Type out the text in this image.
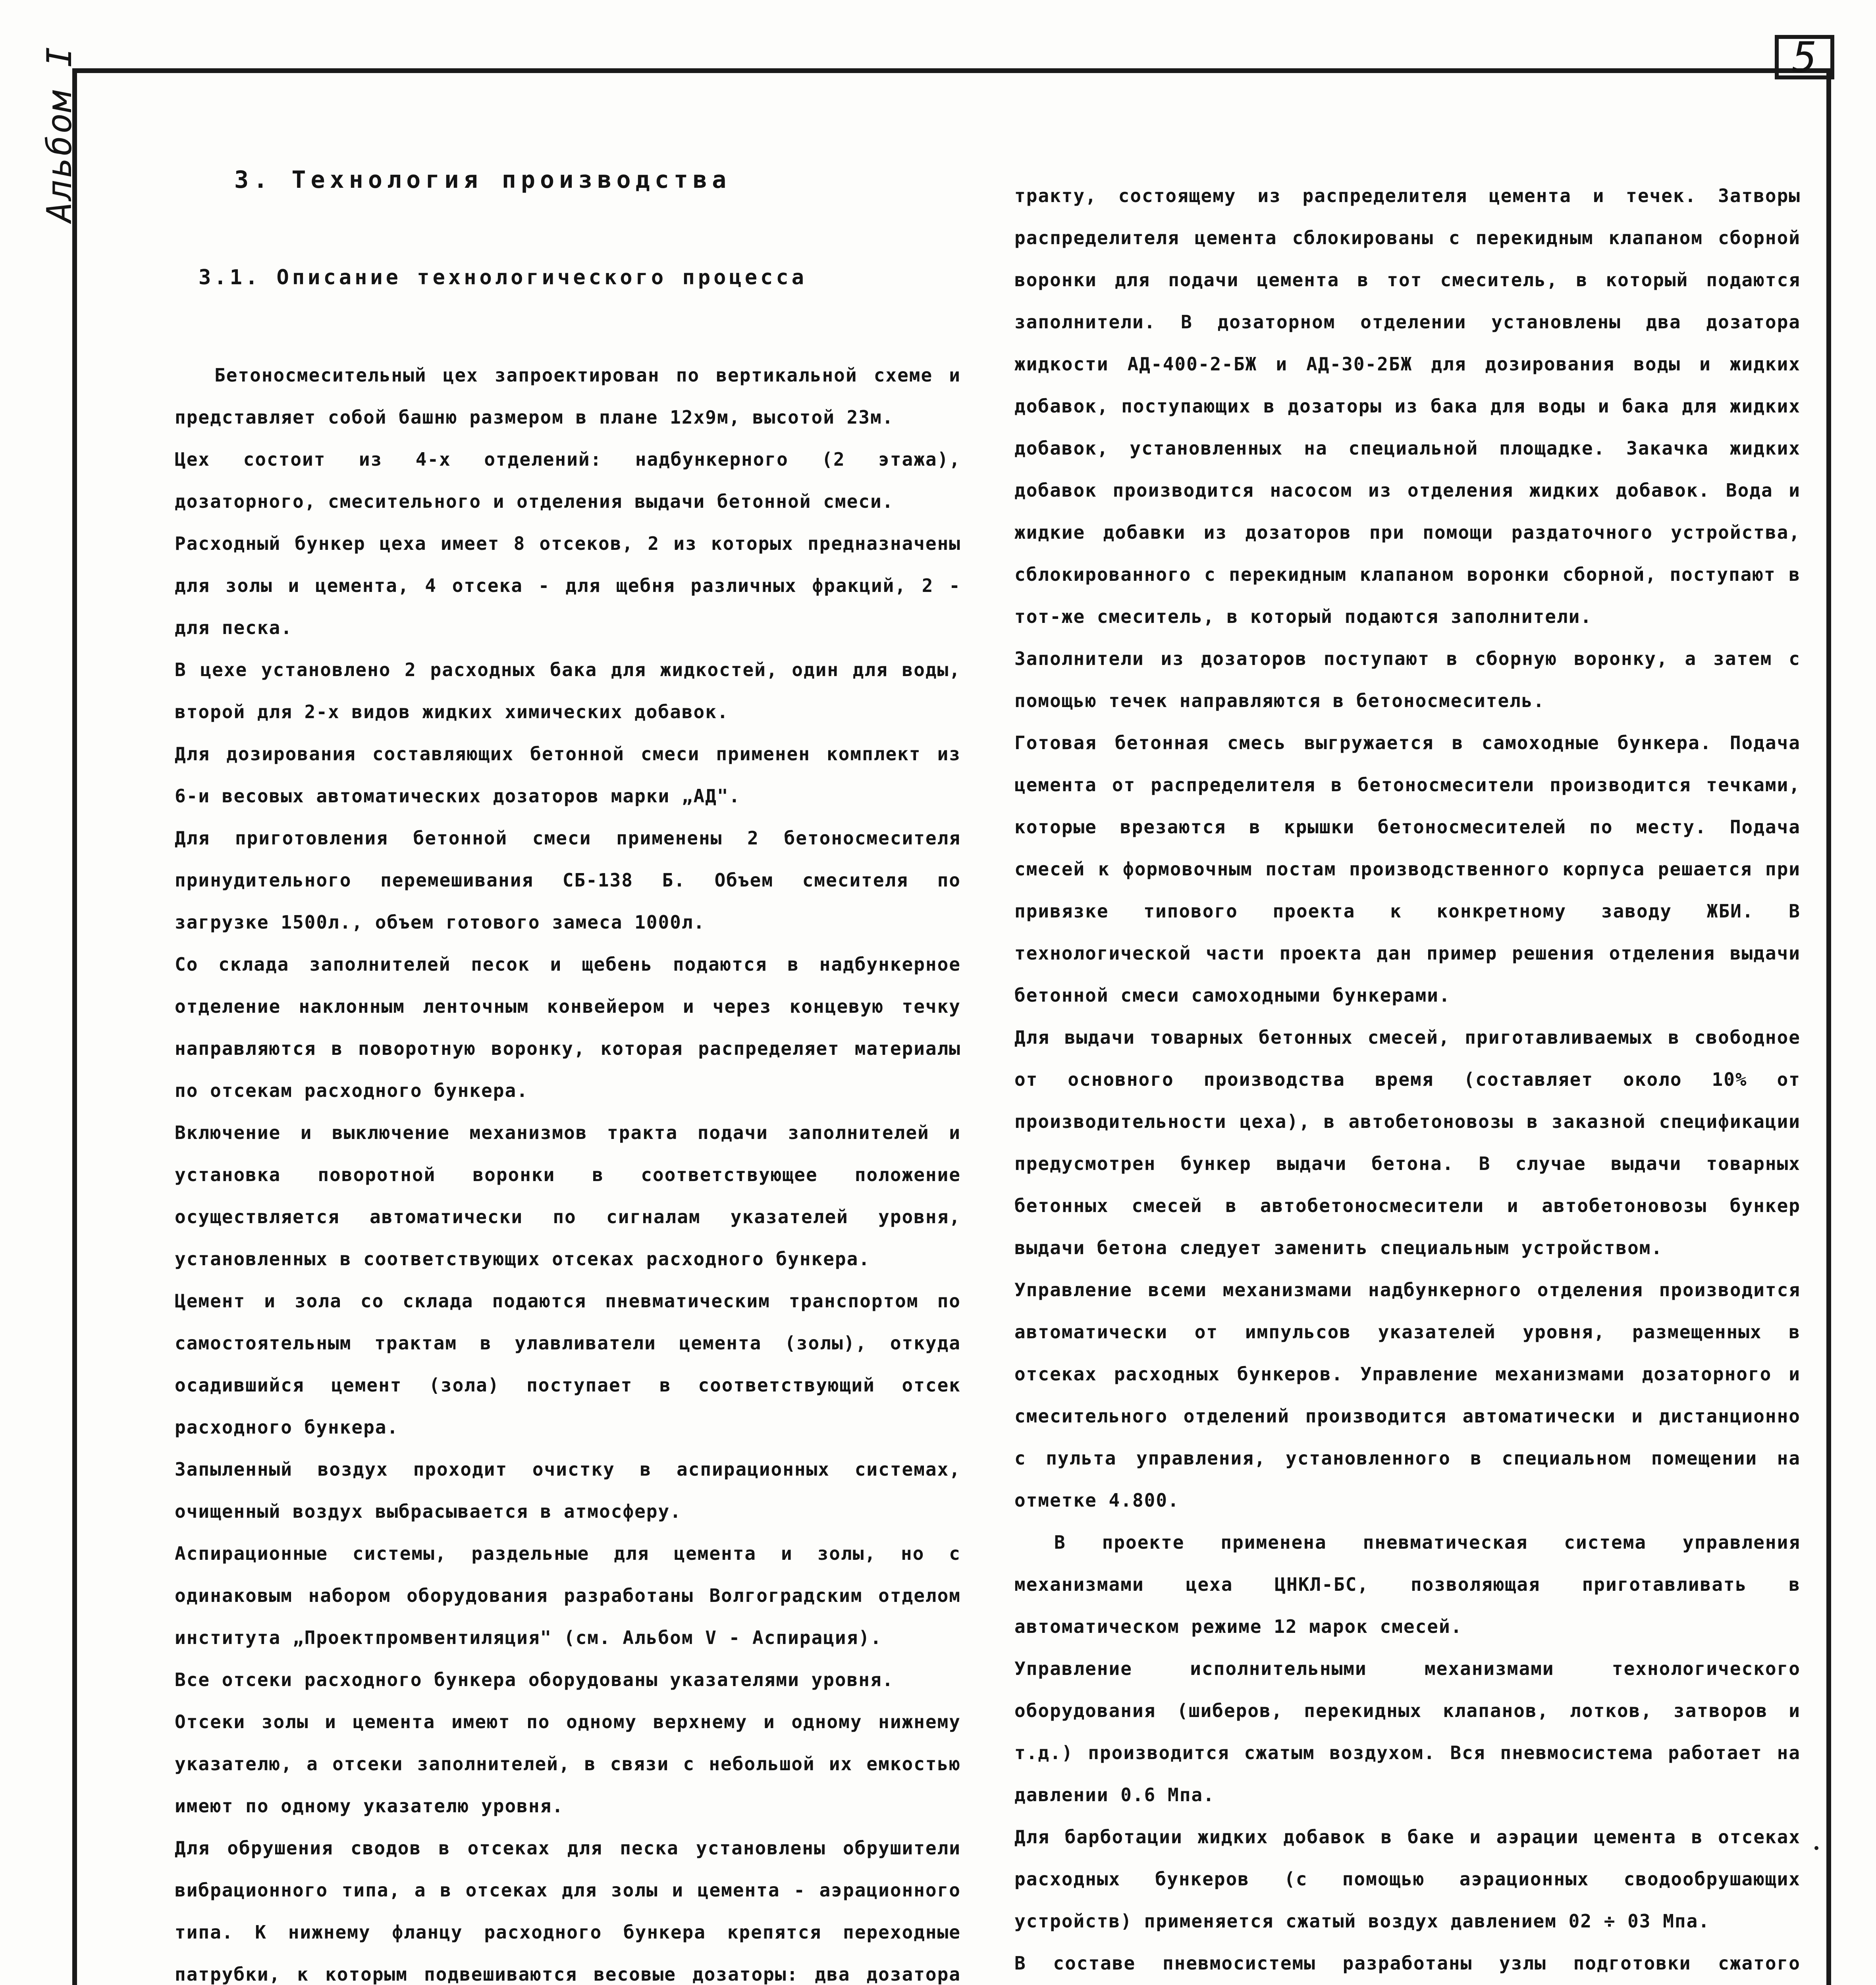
5
Альбом I	3. Технология производства

3.1. Описание технологического процесса

Бетоносмесительный цех запроектирован по вертикальной схеме и представляет собой башню размером в плане 12х9м, высотой 23м.

Цех состоит из 4-х отделений: надбункерного (2 этажа), дозаторного, смесительного и отделения выдачи бетонной смеси.

Расходный бункер цеха имеет 8 отсеков, 2 из которых предназначены для золы и цемента, 4 отсека - для щебня различных фракций, 2 - для песка.

В цехе установлено 2 расходных бака для жидкостей, один для воды, второй для 2-х видов жидких химических добавок.

Для дозирования составляющих бетонной смеси применен комплект из 6-и весовых автоматических дозаторов марки „АД".

Для приготовления бетонной смеси применены 2 бетоносмесителя принудительного перемешивания СБ-138 Б. Объем смесителя по загрузке 1500л., объем готового замеса 1000л.

Со склада заполнителей песок и щебень подаются в надбункерное отделение наклонным ленточным конвейером и через концевую течку направляются в поворотную воронку, которая распределяет материалы по отсекам расходного бункера.

Включение и выключение механизмов тракта подачи заполнителей и установка поворотной воронки в соответствующее положение осуществляется автоматически по сигналам указателей уровня, установленных в соответствующих отсеках расходного бункера.

Цемент и зола со склада подаются пневматическим транспортом по самостоятельным трактам в улавливатели цемента (золы), откуда осадившийся цемент (зола) поступает в соответствующий отсек расходного бункера.

Запыленный воздух проходит очистку в аспирационных системах, очищенный воздух выбрасывается в атмосферу.

Аспирационные системы, раздельные для цемента и золы, но с одинаковым набором оборудования разработаны Волгоградским отделом института „Проектпромвентиляция" (см. Альбом V - Аспирация).

Все отсеки расходного бункера оборудованы указателями уровня.

Отсеки золы и цемента имеют по одному верхнему и одному нижнему указателю, а отсеки заполнителей, в связи с небольшой их емкостью имеют по одному указателю уровня.

Для обрушения сводов в отсеках для песка установлены обрушители вибрационного типа, а в отсеках для золы и цемента - аэрационного типа. К нижнему фланцу расходного бункера крепятся переходные патрубки, к которым подвешиваются весовые дозаторы: два дозатора

тракту, состоящему из распределителя цемента и течек. Затворы распределителя цемента сблокированы с перекидным клапаном сборной воронки для подачи цемента в тот смеситель, в который подаются заполнители. В дозаторном отделении установлены два дозатора жидкости АД-400-2-БЖ и АД-30-2БЖ для дозирования воды и жидких добавок, поступающих в дозаторы из бака для воды и бака для жидких добавок, установленных на специальной площадке. Закачка жидких добавок производится насосом из отделения жидких добавок. Вода и жидкие добавки из дозаторов при помощи раздаточного устройства, сблокированного с перекидным клапаном воронки сборной, поступают в тот-же смеситель, в который подаются заполнители.

Заполнители из дозаторов поступают в сборную воронку, а затем с помощью течек направляются в бетоносмеситель.

Готовая бетонная смесь выгружается в самоходные бункера. Подача цемента от распределителя в бетоносмесители производится течками, которые врезаются в крышки бетоносмесителей по месту. Подача смесей к формовочным постам производственного корпуса решается при привязке типового проекта к конкретному заводу ЖБИ. В технологической части проекта дан пример решения отделения выдачи бетонной смеси самоходными бункерами.

Для выдачи товарных бетонных смесей, приготавливаемых в свободное от основного производства время (составляет около 10% от производительности цеха), в автобетоновозы в заказной спецификации предусмотрен бункер выдачи бетона. В случае выдачи товарных бетонных смесей в автобетоносмесители и автобетоновозы бункер выдачи бетона следует заменить специальным устройством.

Управление всеми механизмами надбункерного отделения производится автоматически от импульсов указателей уровня, размещенных в отсеках расходных бункеров. Управление механизмами дозаторного и смесительного отделений производится автоматически и дистанционно с пульта управления, установленного в специальном помещении на отметке 4.800.

В проекте применена пневматическая система управления механизмами цеха ЦНКЛ-БС, позволяющая приготавливать в автоматическом режиме 12 марок смесей.

Управление исполнительными механизмами технологического оборудования (шиберов, перекидных клапанов, лотков, затворов и т.д.) производится сжатым воздухом. Вся пневмосистема работает на давлении 0.6 Мпа.

Для барботации жидких добавок в баке и аэрации цемента в отсеках расходных бункеров (с помощью аэрационных сводообрушающих устройств) применяется сжатый воздух давлением 02 ÷ 03 Мпа.

В составе пневмосистемы разработаны узлы подготовки сжатого
